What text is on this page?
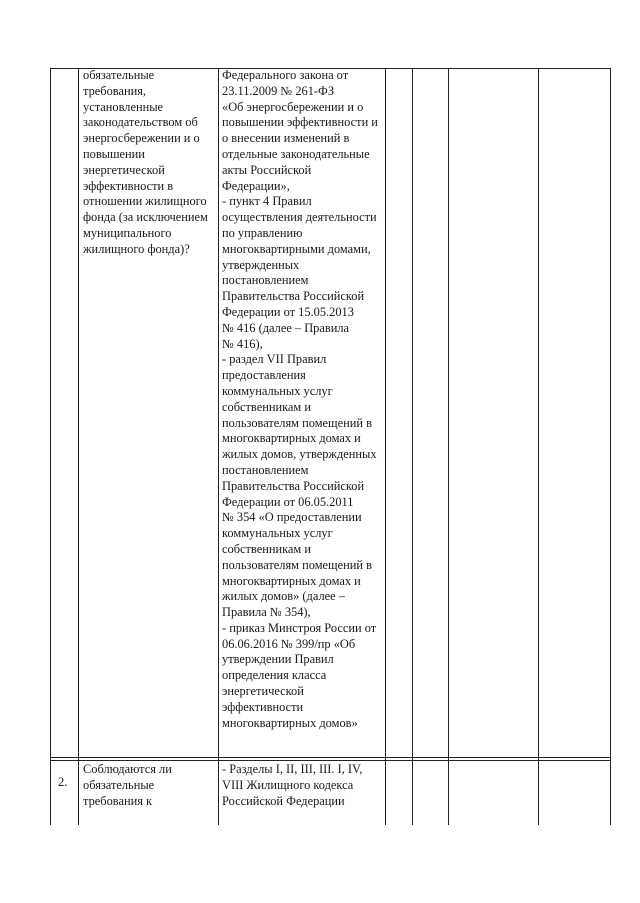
обязательные
требования,
установленные
законодательством об
энергосбережении и о
повышении
энергетической
эффективности в
отношении жилищного
фонда (за исключением
муниципального
жилищного фонда)?
Федерального закона от
23.11.2009 № 261-ФЗ
«Об энергосбережении и о
повышении эффективности и
о внесении изменений в
отдельные законодательные
акты Российской
Федерации»,
- пункт 4 Правил
осуществления деятельности
по управлению
многоквартирными домами,
утвержденных
постановлением
Правительства Российской
Федерации от 15.05.2013
№ 416 (далее – Правила
№ 416),
- раздел VII Правил
предоставления
коммунальных услуг
собственникам и
пользователям помещений в
многоквартирных домах и
жилых домов, утвержденных
постановлением
Правительства Российской
Федерации от 06.05.2011
№ 354 «О предоставлении
коммунальных услуг
собственникам и
пользователям помещений в
многоквартирных домах и
жилых домов» (далее –
Правила № 354),
- приказ Минстроя России от
06.06.2016 № 399/пр «Об
утверждении Правил
определения класса
энергетической
эффективности
многоквартирных домов»
2.
Соблюдаются ли
обязательные
требования к
- Разделы I, II, III, III. I, IV,
VIII Жилищного кодекса
Российской Федерации
